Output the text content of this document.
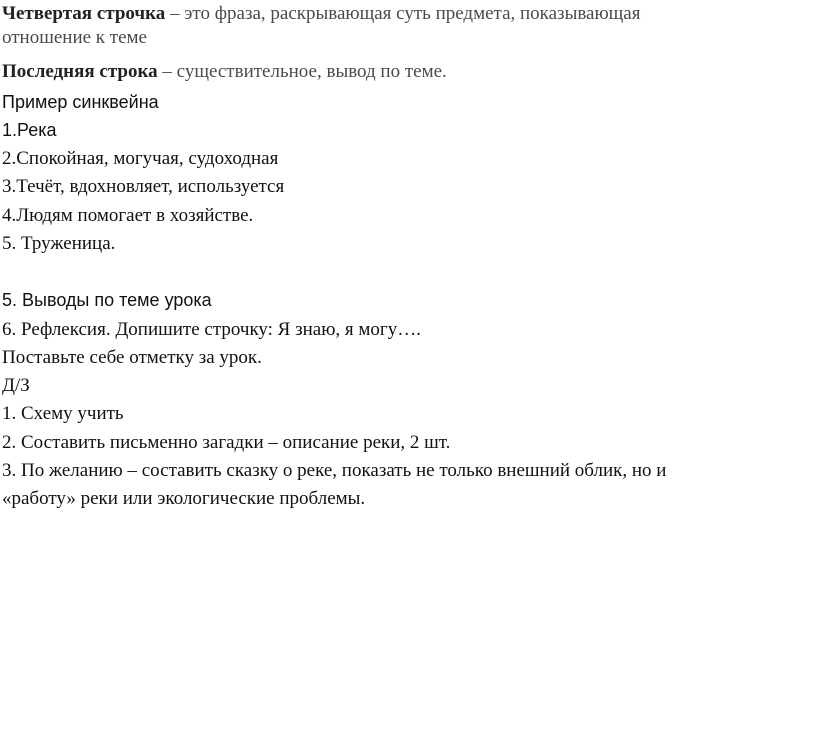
Четвертая строчка – это фраза, раскрывающая суть предмета, показывающая
отношение к теме
Последняя строка – существительное, вывод по теме.
Пример синквейна
1.Река
2.Спокойная, могучая, судоходная
3.Течёт, вдохновляет, используется
4.Людям помогает в хозяйстве.
5. Труженица.
5. Выводы по теме урока
6. Рефлексия. Допишите строчку: Я знаю, я могу….
Поставьте себе отметку за урок.
Д/З
1. Схему учить
2. Составить письменно загадки – описание реки, 2 шт.
3. По желанию – составить сказку о реке, показать не только внешний облик, но и
«работу» реки или экологические проблемы.
